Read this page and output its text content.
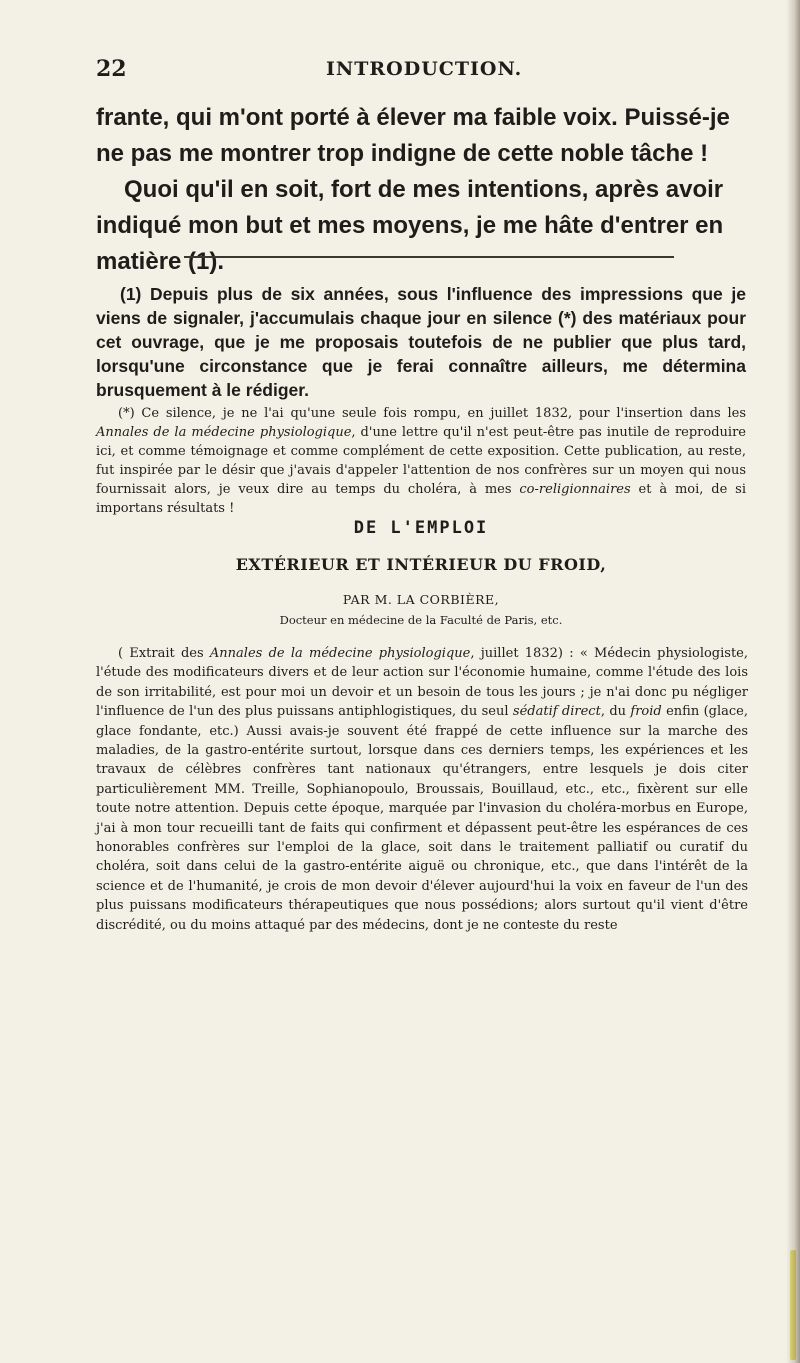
22	INTRODUCTION.

frante, qui m'ont porté à élever ma faible voix. Puissé-je ne pas me montrer trop indigne de cette noble tâche !

Quoi qu'il en soit, fort de mes intentions, après avoir indiqué mon but et mes moyens, je me hâte d'entrer en matière (1).

(1) Depuis plus de six années, sous l'influence des impressions que je viens de signaler, j'accumulais chaque jour en silence (*) des matériaux pour cet ouvrage, que je me proposais toutefois de ne publier que plus tard, lorsqu'une circonstance que je ferai connaître ailleurs, me détermina brusquement à le rédiger.

(*) Ce silence, je ne l'ai qu'une seule fois rompu, en juillet 1832, pour l'insertion dans les Annales de la médecine physiologique, d'une lettre qu'il n'est peut-être pas inutile de reproduire ici, et comme témoignage et comme complément de cette exposition. Cette publication, au reste, fut inspirée par le désir que j'avais d'appeler l'attention de nos confrères sur un moyen qui nous fournissait alors, je veux dire au temps du choléra, à mes co-religionnaires et à moi, de si importans résultats !

DE L'EMPLOI
EXTÉRIEUR ET INTÉRIEUR DU FROID,
PAR M. LA CORBIÈRE,
Docteur en médecine de la Faculté de Paris, etc.

( Extrait des Annales de la médecine physiologique, juillet 1832) : « Médecin physiologiste, l'étude des modificateurs divers et de leur action sur l'économie humaine, comme l'étude des lois de son irritabilité, est pour moi un devoir et un besoin de tous les jours ; je n'ai donc pu négliger l'influence de l'un des plus puissans antiphlogistiques, du seul sédatif direct, du froid enfin (glace, glace fondante, etc.) Aussi avais-je souvent été frappé de cette influence sur la marche des maladies, de la gastro-entérite surtout, lorsque dans ces derniers temps, les expériences et les travaux de célèbres confrères tant nationaux qu'étrangers, entre lesquels je dois citer particulièrement MM. Treille, Sophianopoulo, Broussais, Bouillaud, etc., etc., fixèrent sur elle toute notre attention. Depuis cette époque, marquée par l'invasion du choléra-morbus en Europe, j'ai à mon tour recueilli tant de faits qui confirment et dépassent peut-être les espérances de ces honorables confrères sur l'emploi de la glace, soit dans le traitement palliatif ou curatif du choléra, soit dans celui de la gastro-entérite aiguë ou chronique, etc., que dans l'intérêt de la science et de l'humanité, je crois de mon devoir d'élever aujourd'hui la voix en faveur de l'un des plus puissans modificateurs thérapeutiques que nous possédions; alors surtout qu'il vient d'être discrédité, ou du moins attaqué par des médecins, dont je ne conteste du reste
